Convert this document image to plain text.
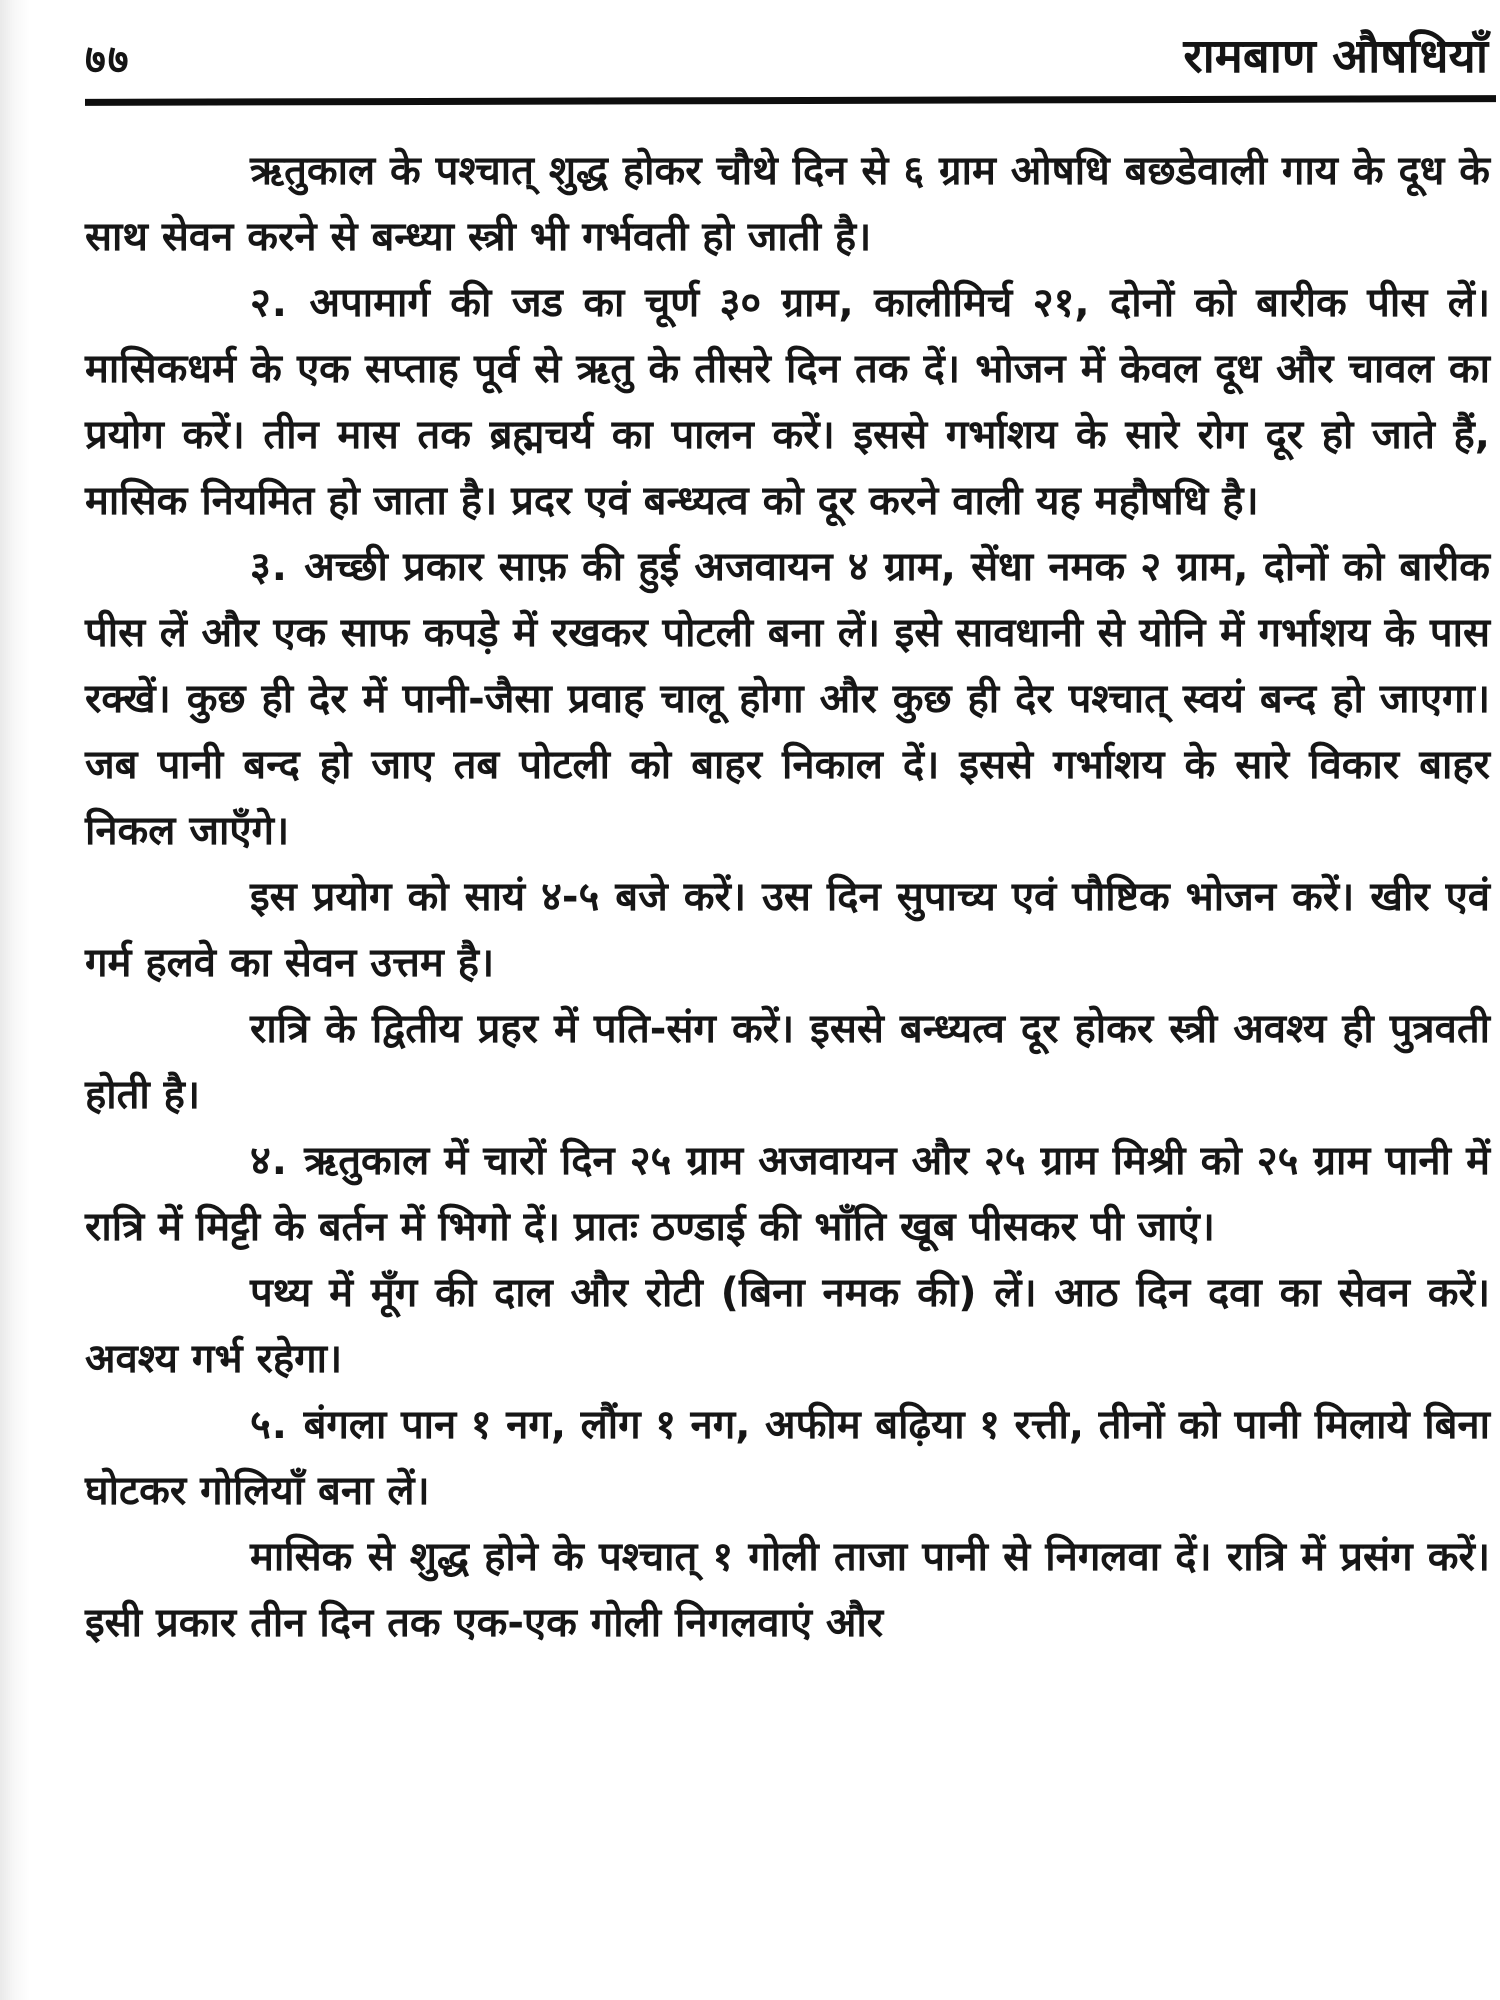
७७	रामबाण औषधियाँ

ऋतुकाल के पश्चात् शुद्ध होकर चौथे दिन से ६ ग्राम ओषधि बछडेवाली गाय के दूध के साथ सेवन करने से बन्ध्या स्त्री भी गर्भवती हो जाती है।

२. अपामार्ग की जड का चूर्ण ३० ग्राम, कालीमिर्च २१, दोनों को बारीक पीस लें। मासिकधर्म के एक सप्ताह पूर्व से ऋतु के तीसरे दिन तक दें। भोजन में केवल दूध और चावल का प्रयोग करें। तीन मास तक ब्रह्मचर्य का पालन करें। इससे गर्भाशय के सारे रोग दूर हो जाते हैं, मासिक नियमित हो जाता है। प्रदर एवं बन्ध्यत्व को दूर करने वाली यह महौषधि है।

३. अच्छी प्रकार साफ़ की हुई अजवायन ४ ग्राम, सेंधा नमक २ ग्राम, दोनों को बारीक पीस लें और एक साफ कपड़े में रखकर पोटली बना लें। इसे सावधानी से योनि में गर्भाशय के पास रक्खें। कुछ ही देर में पानी-जैसा प्रवाह चालू होगा और कुछ ही देर पश्चात् स्वयं बन्द हो जाएगा। जब पानी बन्द हो जाए तब पोटली को बाहर निकाल दें। इससे गर्भाशय के सारे विकार बाहर निकल जाएँगे।

इस प्रयोग को सायं ४-५ बजे करें। उस दिन सुपाच्य एवं पौष्टिक भोजन करें। खीर एवं गर्म हलवे का सेवन उत्तम है।

रात्रि के द्वितीय प्रहर में पति-संग करें। इससे बन्ध्यत्व दूर होकर स्त्री अवश्य ही पुत्रवती होती है।

४. ऋतुकाल में चारों दिन २५ ग्राम अजवायन और २५ ग्राम मिश्री को २५ ग्राम पानी में रात्रि में मिट्टी के बर्तन में भिगो दें। प्रातः ठण्डाई की भाँति खूब पीसकर पी जाएं।

पथ्य में मूँग की दाल और रोटी (बिना नमक की) लें। आठ दिन दवा का सेवन करें। अवश्य गर्भ रहेगा।

५. बंगला पान १ नग, लौंग १ नग, अफीम बढ़िया १ रत्ती, तीनों को पानी मिलाये बिना घोटकर गोलियाँ बना लें।

मासिक से शुद्ध होने के पश्चात् १ गोली ताजा पानी से निगलवा दें। रात्रि में प्रसंग करें। इसी प्रकार तीन दिन तक एक-एक गोली निगलवाएं और
